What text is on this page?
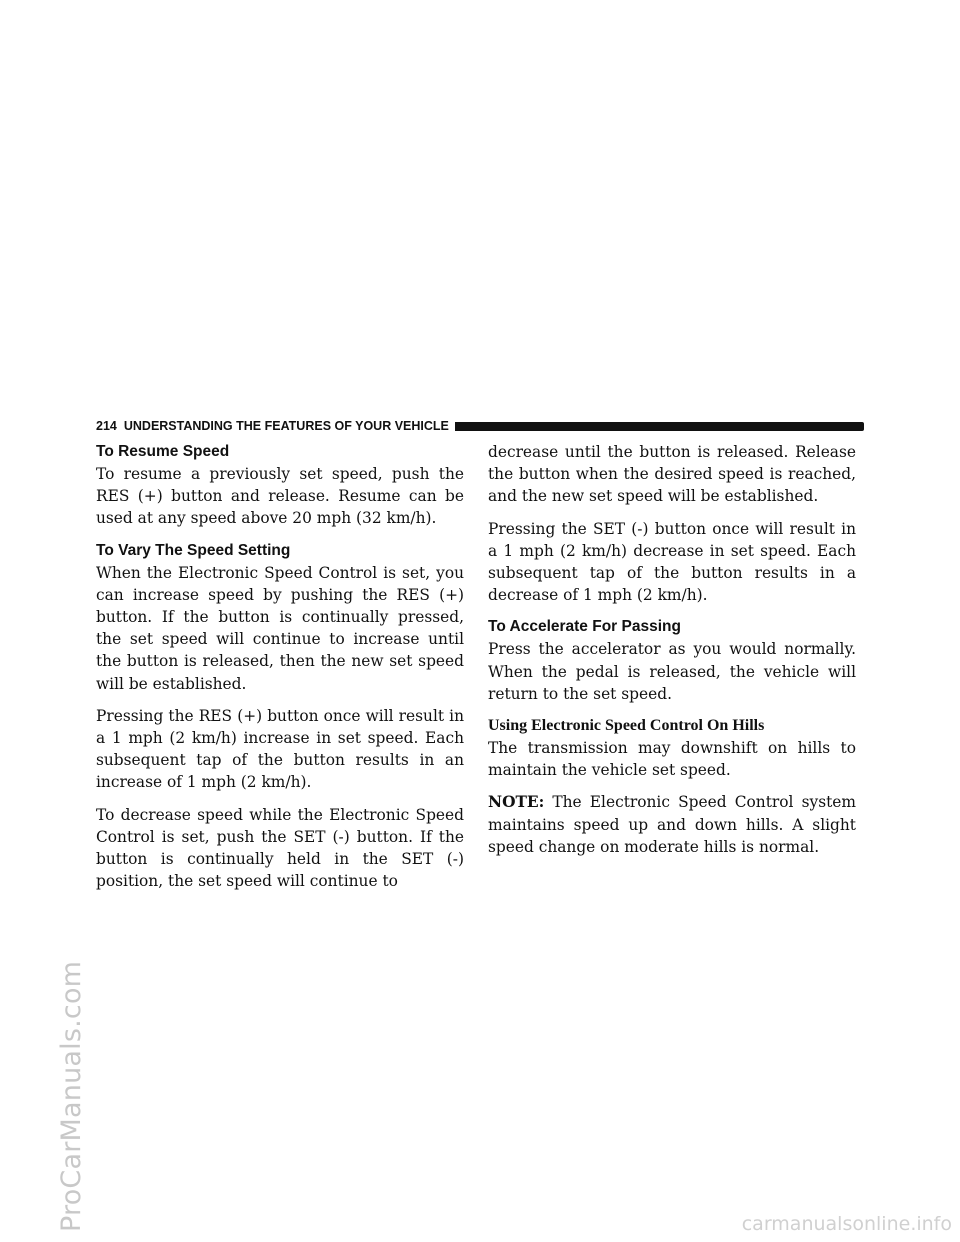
ProCarManuals.com
214 UNDERSTANDING THE FEATURES OF YOUR VEHICLE
To Resume Speed

To resume a previously set speed, push the RES (+) button and release. Resume can be used at any speed above 20 mph (32 km/h).

To Vary The Speed Setting

When the Electronic Speed Control is set, you can increase speed by pushing the RES (+) button. If the button is continually pressed, the set speed will continue to increase until the button is released, then the new set speed will be established.

Pressing the RES (+) button once will result in a 1 mph (2 km/h) increase in set speed. Each subsequent tap of the button results in an increase of 1 mph (2 km/h).

To decrease speed while the Electronic Speed Control is set, push the SET (-) button. If the button is continually held in the SET (-) position, the set speed will continue to

decrease until the button is released. Release the button when the desired speed is reached, and the new set speed will be established.

Pressing the SET (-) button once will result in a 1 mph (2 km/h) decrease in set speed. Each subsequent tap of the button results in a decrease of 1 mph (2 km/h).

To Accelerate For Passing

Press the accelerator as you would normally. When the pedal is released, the vehicle will return to the set speed.

Using Electronic Speed Control On Hills

The transmission may downshift on hills to maintain the vehicle set speed.

NOTE: The Electronic Speed Control system maintains speed up and down hills. A slight speed change on moderate hills is normal.

carmanualsonline.info
